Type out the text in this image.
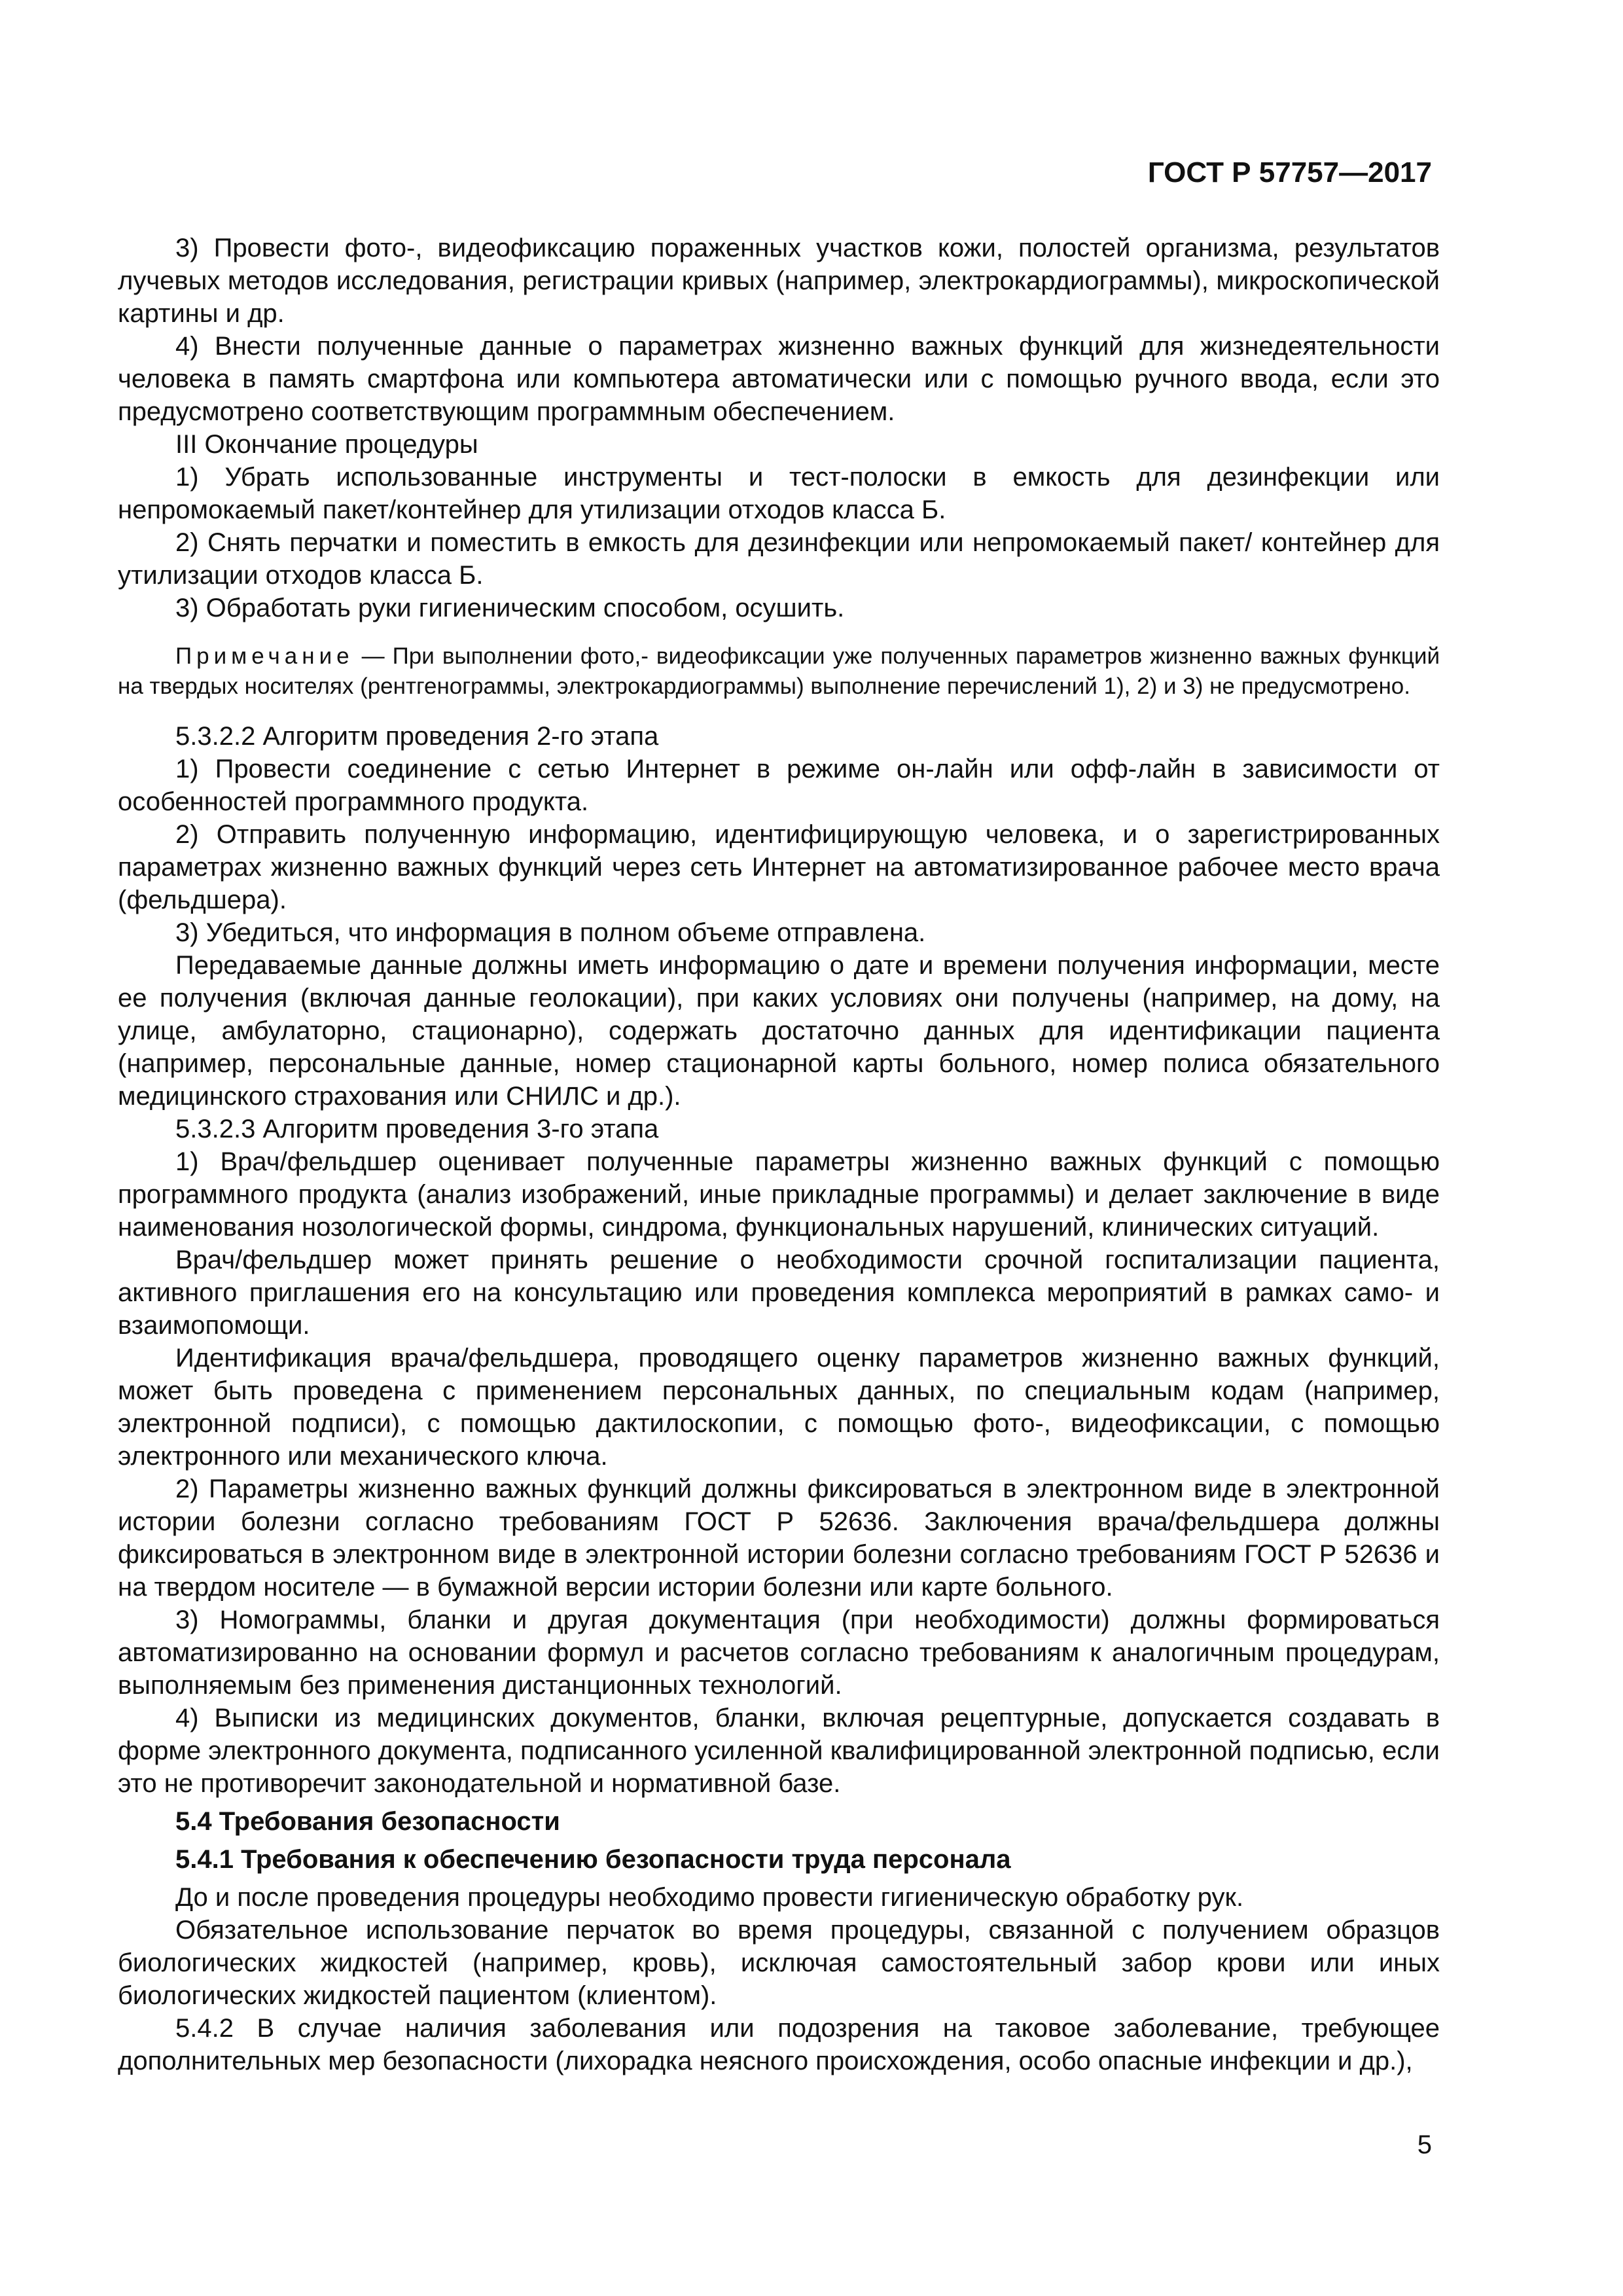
ГОСТ Р 57757—2017

3) Провести фото-, видеофиксацию пораженных участков кожи, полостей организма, результатов лучевых методов исследования, регистрации кривых (например, электрокардиограммы), микроскопической картины и др.

4) Внести полученные данные о параметрах жизненно важных функций для жизнедеятельности человека в память смартфона или компьютера автоматически или с помощью ручного ввода, если это предусмотрено соответствующим программным обеспечением.

III Окончание процедуры

1) Убрать использованные инструменты и тест-полоски в емкость для дезинфекции или непромокаемый пакет/контейнер для утилизации отходов класса Б.

2) Снять перчатки и поместить в емкость для дезинфекции или непромокаемый пакет/ контейнер для утилизации отходов класса Б.

3) Обработать руки гигиеническим способом, осушить.

Примечание — При выполнении фото,- видеофиксации уже полученных параметров жизненно важных функций на твердых носителях (рентгенограммы, электрокардиограммы) выполнение перечислений 1), 2) и 3) не предусмотрено.

5.3.2.2 Алгоритм проведения 2-го этапа

1) Провести соединение с сетью Интернет в режиме он-лайн или офф-лайн в зависимости от особенностей программного продукта.

2) Отправить полученную информацию, идентифицирующую человека, и о зарегистрированных параметрах жизненно важных функций через сеть Интернет на автоматизированное рабочее место врача (фельдшера).

3) Убедиться, что информация в полном объеме отправлена.

Передаваемые данные должны иметь информацию о дате и времени получения информации, месте ее получения (включая данные геолокации), при каких условиях они получены (например, на дому, на улице, амбулаторно, стационарно), содержать достаточно данных для идентификации пациента (например, персональные данные, номер стационарной карты больного, номер полиса обязательного медицинского страхования или СНИЛС и др.).

5.3.2.3 Алгоритм проведения 3-го этапа

1) Врач/фельдшер оценивает полученные параметры жизненно важных функций с помощью программного продукта (анализ изображений, иные прикладные программы) и делает заключение в виде наименования нозологической формы, синдрома, функциональных нарушений, клинических ситуаций.

Врач/фельдшер может принять решение о необходимости срочной госпитализации пациента, активного приглашения его на консультацию или проведения комплекса мероприятий в рамках само- и взаимопомощи.

Идентификация врача/фельдшера, проводящего оценку параметров жизненно важных функций, может быть проведена с применением персональных данных, по специальным кодам (например, электронной подписи), с помощью дактилоскопии, с помощью фото-, видеофиксации, с помощью электронного или механического ключа.

2) Параметры жизненно важных функций должны фиксироваться в электронном виде в электронной истории болезни согласно требованиям ГОСТ Р 52636. Заключения врача/фельдшера должны фиксироваться в электронном виде в электронной истории болезни согласно требованиям ГОСТ Р 52636 и на твердом носителе — в бумажной версии истории болезни или карте больного.

3) Номограммы, бланки и другая документация (при необходимости) должны формироваться автоматизированно на основании формул и расчетов согласно требованиям к аналогичным процедурам, выполняемым без применения дистанционных технологий.

4) Выписки из медицинских документов, бланки, включая рецептурные, допускается создавать в форме электронного документа, подписанного усиленной квалифицированной электронной подписью, если это не противоречит законодательной и нормативной базе.

5.4 Требования безопасности

5.4.1 Требования к обеспечению безопасности труда персонала

До и после проведения процедуры необходимо провести гигиеническую обработку рук.

Обязательное использование перчаток во время процедуры, связанной с получением образцов биологических жидкостей (например, кровь), исключая самостоятельный забор крови или иных биологических жидкостей пациентом (клиентом).

5.4.2 В случае наличия заболевания или подозрения на таковое заболевание, требующее дополнительных мер безопасности (лихорадка неясного происхождения, особо опасные инфекции и др.),

5
